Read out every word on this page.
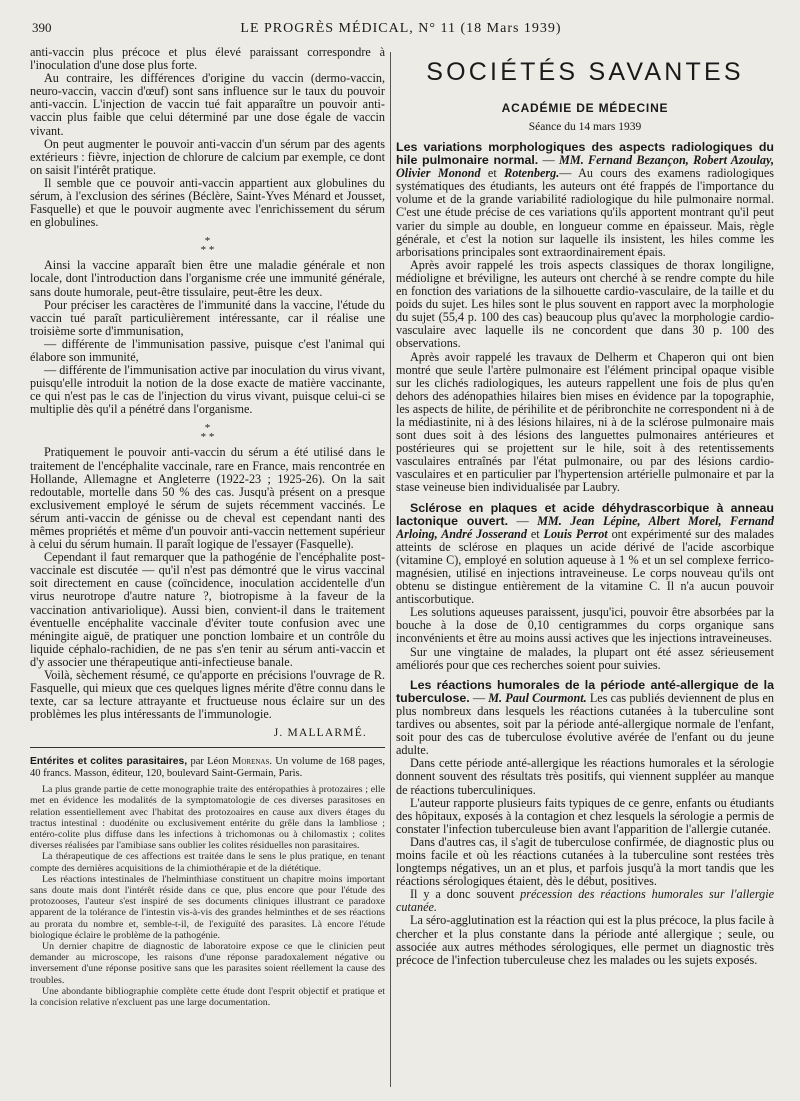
390	LE PROGRÈS MÉDICAL, N° 11 (18 Mars 1939)

anti-vaccin plus précoce et plus élevé paraissant correspondre à l'inoculation d'une dose plus forte.

Au contraire, les différences d'origine du vaccin (dermo-vaccin, neuro-vaccin, vaccin d'œuf) sont sans influence sur le taux du pouvoir anti-vaccin. L'injection de vaccin tué fait apparaître un pouvoir anti-vaccin plus faible que celui déterminé par une dose égale de vaccin vivant.

On peut augmenter le pouvoir anti-vaccin d'un sérum par des agents extérieurs : fièvre, injection de chlorure de calcium par exemple, ce dont on saisit l'intérêt pratique.

Il semble que ce pouvoir anti-vaccin appartient aux globulines du sérum, à l'exclusion des sérines (Béclère, Saint-Yves Ménard et Jousset, Fasquelle) et que le pouvoir augmente avec l'enrichissement du sérum en globulines.

*
* *

Ainsi la vaccine apparaît bien être une maladie générale et non locale, dont l'introduction dans l'organisme crée une immunité générale, sans doute humorale, peut-être tissulaire, peut-être les deux.

Pour préciser les caractères de l'immunité dans la vaccine, l'étude du vaccin tué paraît particulièrement intéressante, car il réalise une troisième sorte d'immunisation,

— différente de l'immunisation passive, puisque c'est l'animal qui élabore son immunité,

— différente de l'immunisation active par inoculation du virus vivant, puisqu'elle introduit la notion de la dose exacte de matière vaccinante, ce qui n'est pas le cas de l'injection du virus vivant, puisque celui-ci se multiplie dès qu'il a pénétré dans l'organisme.

*
* *

Pratiquement le pouvoir anti-vaccin du sérum a été utilisé dans le traitement de l'encéphalite vaccinale, rare en France, mais rencontrée en Hollande, Allemagne et Angleterre (1922-23 ; 1925-26). On la sait redoutable, mortelle dans 50 % des cas. Jusqu'à présent on a presque exclusivement employé le sérum de sujets récemment vaccinés. Le sérum anti-vaccin de génisse ou de cheval est cependant nanti des mêmes propriétés et même d'un pouvoir anti-vaccin nettement supérieur à celui du sérum humain. Il paraît logique de l'essayer (Fasquelle).

Cependant il faut remarquer que la pathogénie de l'encéphalite post-vaccinale est discutée — qu'il n'est pas démontré que le virus vaccinal soit directement en cause (coïncidence, inoculation accidentelle d'un virus neurotrope d'autre nature ?, biotropisme à la faveur de la vaccination antivariolique). Aussi bien, convient-il dans le traitement éventuelle encéphalite vaccinale d'éviter toute confusion avec une méningite aiguë, de pratiquer une ponction lombaire et un contrôle du liquide céphalo-rachidien, de ne pas s'en tenir au sérum anti-vaccin et d'y associer une thérapeutique anti-infectieuse banale.

Voilà, sèchement résumé, ce qu'apporte en précisions l'ouvrage de R. Fasquelle, qui mieux que ces quelques lignes mérite d'être connu dans le texte, car sa lecture attrayante et fructueuse nous éclaire sur un des problèmes les plus intéressants de l'immunologie.

J. MALLARMÉ.

Entérites et colites parasitaires, par Léon Morenas. Un volume de 168 pages, 40 francs. Masson, éditeur, 120, boulevard Saint-Germain, Paris.

La plus grande partie de cette monographie traite des entéropathies à protozaires ; elle met en évidence les modalités de la symptomatologie de ces diverses parasitoses en relation essentiellement avec l'habitat des protozoaires en cause aux divers étages du tractus intestinal : duodénite ou exclusivement entérite du grêle dans la lambliose ; entéro-colite plus diffuse dans les infections à trichomonas ou à chilomastix ; colites diverses réalisées par l'amibiase sans oublier les colites résiduelles non parasitaires.

La thérapeutique de ces affections est traitée dans le sens le plus pratique, en tenant compte des dernières acquisitions de la chimiothérapie et de la diététique.

Les réactions intestinales de l'helminthiase constituent un chapitre moins important sans doute mais dont l'intérêt réside dans ce que, plus encore que pour l'étude des protozooses, l'auteur s'est inspiré de ses documents cliniques illustrant ce paradoxe apparent de la tolérance de l'intestin vis-à-vis des grandes helminthes et de ses réactions au prorata du nombre et, semble-t-il, de l'exiguïté des parasites. Là encore l'étude biologique éclaire le problème de la pathogénie.

Un dernier chapitre de diagnostic de laboratoire expose ce que le clinicien peut demander au microscope, les raisons d'une réponse paradoxalement négative ou inversement d'une réponse positive sans que les parasites soient réellement la cause des troubles.

Une abondante bibliographie complète cette étude dont l'esprit objectif et pratique et la concision relative n'excluent pas une large documentation.

SOCIÉTÉS SAVANTES
ACADÉMIE DE MÉDECINE
Séance du 14 mars 1939

Les variations morphologiques des aspects radiologiques du hile pulmonaire normal. — MM. Fernand Bezançon, Robert Azoulay, Olivier Monond et Rotenberg.— Au cours des examens radiologiques systématiques des étudiants, les auteurs ont été frappés de l'importance du volume et de la grande variabilité radiologique du hile pulmonaire normal. C'est une étude précise de ces variations qu'ils apportent montrant qu'il peut varier du simple au double, en longueur comme en épaisseur. Mais, règle générale, et c'est la notion sur laquelle ils insistent, les hiles comme les arborisations principales sont extraordinairement épais.

Après avoir rappelé les trois aspects classiques de thorax longiligne, médioligne et bréviligne, les auteurs ont cherché à se rendre compte du hile en fonction des variations de la silhouette cardio-vasculaire, de la taille et du poids du sujet. Les hiles sont le plus souvent en rapport avec la morphologie du sujet (55,4 p. 100 des cas) beaucoup plus qu'avec la morphologie cardio-vasculaire avec laquelle ils ne concordent que dans 30 p. 100 des observations.

Après avoir rappelé les travaux de Delherm et Chaperon qui ont bien montré que seule l'artère pulmonaire est l'élément principal opaque visible sur les clichés radiologiques, les auteurs rappellent une fois de plus qu'en dehors des adénopathies hilaires bien mises en évidence par la topographie, les aspects de hilite, de périhilite et de péribronchite ne correspondent ni à de la médiastinite, ni à des lésions hilaires, ni à de la sclérose pulmonaire mais sont dues soit à des lésions des languettes pulmonaires antérieures et postérieures qui se projettent sur le hile, soit à des retentissements vasculaires entraînés par l'état pulmonaire, ou par des lésions cardio-vasculaires et en particulier par l'hypertension artérielle pulmonaire et par la stase veineuse bien individualisée par Laubry.

Sclérose en plaques et acide déhydrascorbique à anneau lactonique ouvert. — MM. Jean Lépine, Albert Morel, Fernand Arloing, André Josserand et Louis Perrot ont expérimenté sur des malades atteints de sclérose en plaques un acide dérivé de l'acide ascorbique (vitamine C), employé en solution aqueuse à 1 % et un sel complexe ferrico-magnésien, utilisé en injections intraveineuse. Le corps nouveau qu'ils ont obtenu se distingue entièrement de la vitamine C. Il n'a aucun pouvoir antiscorbutique.

Les solutions aqueuses paraissent, jusqu'ici, pouvoir être absorbées par la bouche à la dose de 0,10 centigrammes du corps organique sans inconvénients et être au moins aussi actives que les injections intraveineuses.

Sur une vingtaine de malades, la plupart ont été assez sérieusement améliorés pour que ces recherches soient pour suivies.

Les réactions humorales de la période anté-allergique de la tuberculose. — M. Paul Courmont. Les cas publiés deviennent de plus en plus nombreux dans lesquels les réactions cutanées à la tuberculine sont tardives ou absentes, soit par la période anté-allergique normale de l'enfant, soit pour des cas de tuberculose évolutive avérée de l'enfant ou du jeune adulte.

Dans cette période anté-allergique les réactions humorales et la sérologie donnent souvent des résultats très positifs, qui viennent suppléer au manque de réactions tuberculiniques.

L'auteur rapporte plusieurs faits typiques de ce genre, enfants ou étudiants des hôpitaux, exposés à la contagion et chez lesquels la sérologie a permis de constater l'infection tuberculeuse bien avant l'apparition de l'allergie cutanée.

Dans d'autres cas, il s'agit de tuberculose confirmée, de diagnostic plus ou moins facile et où les réactions cutanées à la tuberculine sont restées très longtemps négatives, un an et plus, et parfois jusqu'à la mort tandis que les réactions sérologiques étaient, dès le début, positives.

Il y a donc souvent précession des réactions humorales sur l'allergie cutanée.

La séro-agglutination est la réaction qui est la plus précoce, la plus facile à chercher et la plus constante dans la période anté allergique ; seule, ou associée aux autres méthodes sérologiques, elle permet un diagnostic très précoce de l'infection tuberculeuse chez les malades ou les sujets exposés.
